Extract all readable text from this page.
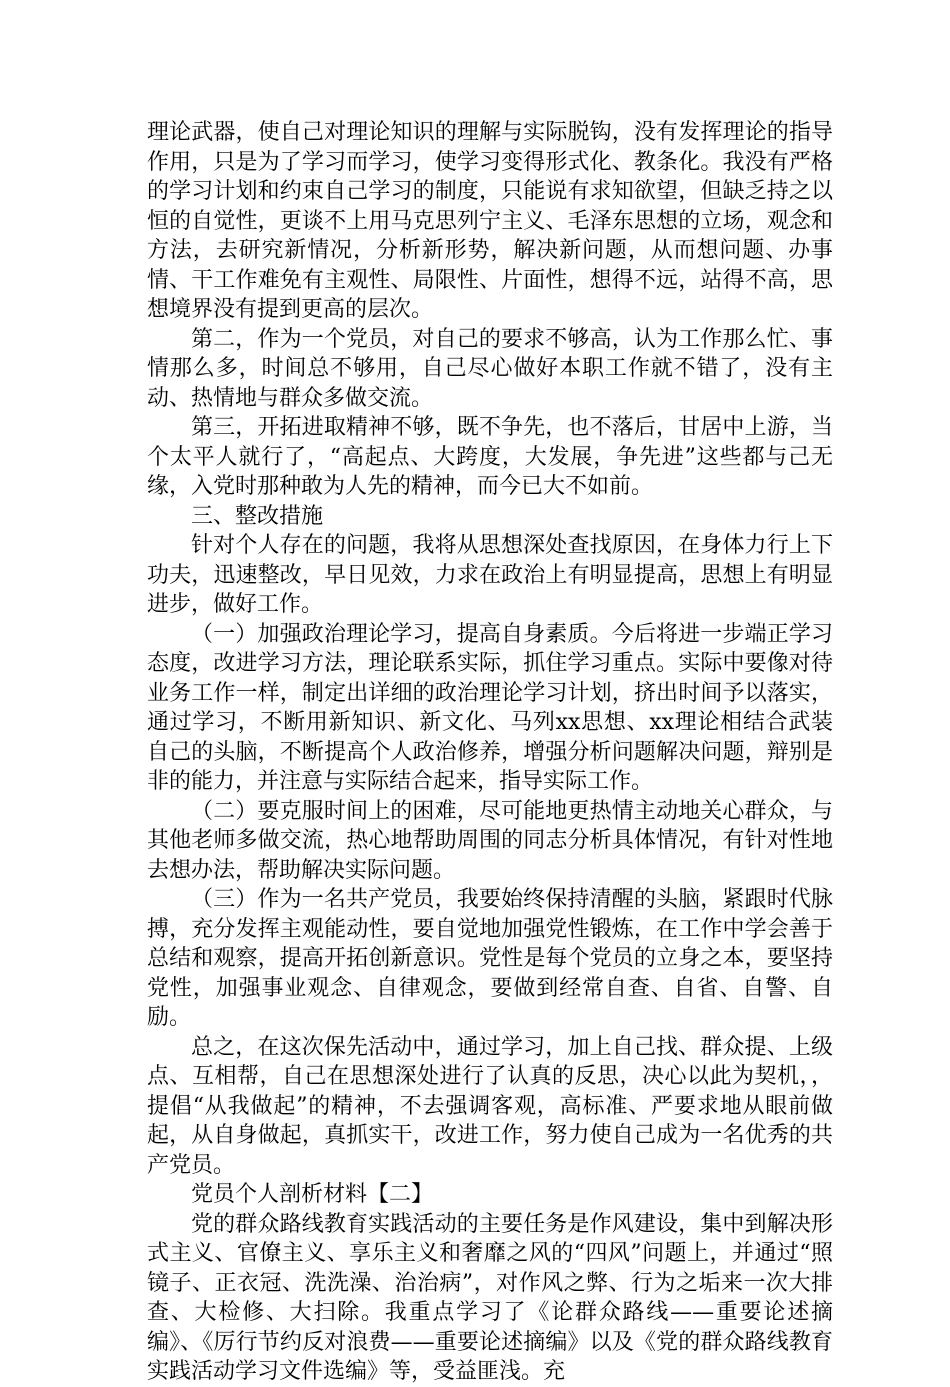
理论武器，使自己对理论知识的理解与实际脱钩，没有发挥理论的指导作用，只是为了学习而学习，使学习变得形式化、教条化。我没有严格的学习计划和约束自己学习的制度，只能说有求知欲望，但缺乏持之以恒的自觉性，更谈不上用马克思列宁主义、毛泽东思想的立场，观念和方法，去研究新情况，分析新形势，解决新问题，从而想问题、办事情、干工作难免有主观性、局限性、片面性，想得不远，站得不高，思想境界没有提到更高的层次。

第二，作为一个党员，对自己的要求不够高，认为工作那么忙、事情那么多，时间总不够用，自己尽心做好本职工作就不错了，没有主动、热情地与群众多做交流。

第三，开拓进取精神不够，既不争先，也不落后，甘居中上游，当个太平人就行了，“高起点、大跨度，大发展，争先进”这些都与己无缘，入党时那种敢为人先的精神，而今已大不如前。

三、整改措施

针对个人存在的问题，我将从思想深处查找原因，在身体力行上下功夫，迅速整改，早日见效，力求在政治上有明显提高，思想上有明显进步，做好工作。

（一）加强政治理论学习，提高自身素质。今后将进一步端正学习态度，改进学习方法，理论联系实际，抓住学习重点。实际中要像对待业务工作一样，制定出详细的政治理论学习计划，挤出时间予以落实，通过学习，不断用新知识、新文化、马列xx思想、xx理论相结合武装自己的头脑，不断提高个人政治修养，增强分析问题解决问题，辩别是非的能力，并注意与实际结合起来，指导实际工作。

（二）要克服时间上的困难，尽可能地更热情主动地关心群众，与其他老师多做交流，热心地帮助周围的同志分析具体情况，有针对性地去想办法，帮助解决实际问题。

（三）作为一名共产党员，我要始终保持清醒的头脑，紧跟时代脉搏，充分发挥主观能动性，要自觉地加强党性锻炼，在工作中学会善于总结和观察，提高开拓创新意识。党性是每个党员的立身之本，要坚持党性，加强事业观念、自律观念，要做到经常自查、自省、自警、自励。

总之，在这次保先活动中，通过学习，加上自己找、群众提、上级点、互相帮，自己在思想深处进行了认真的反思，决心以此为契机，，提倡“从我做起”的精神，不去强调客观，高标准、严要求地从眼前做起，从自身做起，真抓实干，改进工作，努力使自己成为一名优秀的共产党员。

党员个人剖析材料【二】

党的群众路线教育实践活动的主要任务是作风建设，集中到解决形式主义、官僚主义、享乐主义和奢靡之风的“四风”问题上，并通过“照镜子、正衣冠、洗洗澡、治治病”，对作风之弊、行为之垢来一次大排查、大检修、大扫除。我重点学习了《论群众路线——重要论述摘编》、《厉行节约反对浪费——重要论述摘编》以及《党的群众路线教育实践活动学习文件选编》等，受益匪浅。充
